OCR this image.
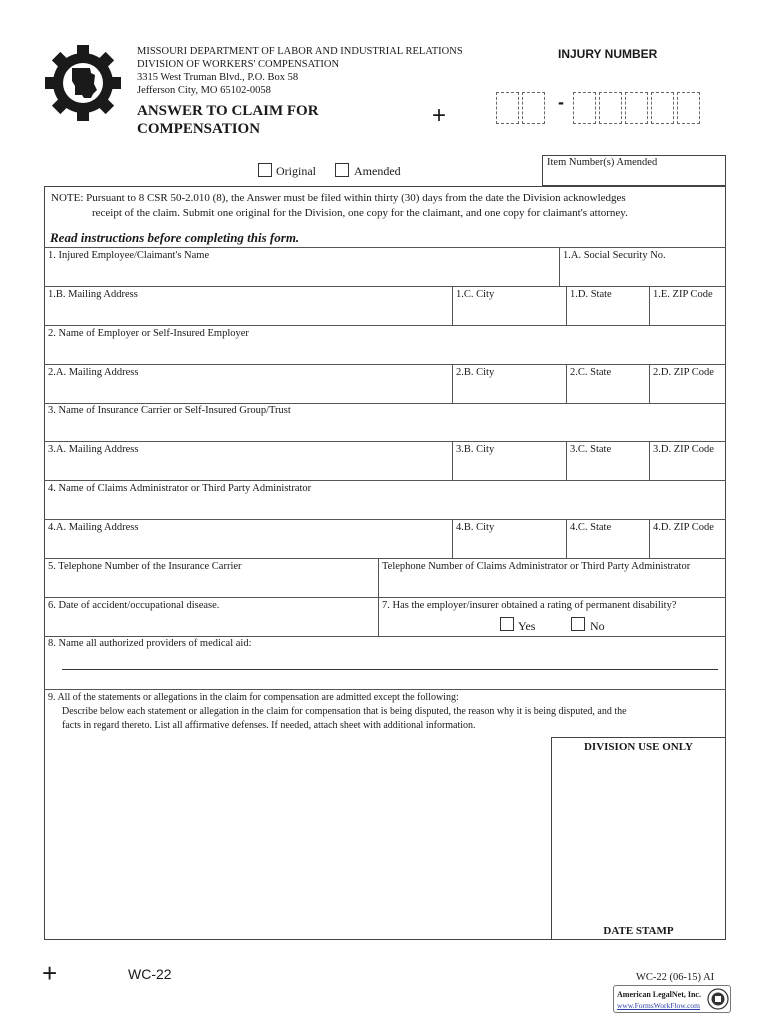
MISSOURI DEPARTMENT OF LABOR AND INDUSTRIAL RELATIONS
DIVISION OF WORKERS' COMPENSATION
3315 West Truman Blvd., P.O. Box 58
Jefferson City, MO 65102-0058
ANSWER TO CLAIM FOR
COMPENSATION	+
INJURY NUMBER
-
Original	Amended
Item Number(s) Amended
NOTE: Pursuant to 8 CSR 50-2.010 (8), the Answer must be filed within thirty (30) days from the date the Division acknowledges
receipt of the claim. Submit one original for the Division, one copy for the claimant, and one copy for claimant's attorney.
Read instructions before completing this form.
1. Injured Employee/Claimant's Name	1.A. Social Security No.
1.B. Mailing Address	1.C. City	1.D. State	1.E. ZIP Code
2. Name of Employer or Self-Insured Employer
2.A. Mailing Address	2.B. City	2.C. State	2.D. ZIP Code
3. Name of Insurance Carrier or Self-Insured Group/Trust
3.A. Mailing Address	3.B. City	3.C. State	3.D. ZIP Code
4. Name of Claims Administrator or Third Party Administrator
4.A. Mailing Address	4.B. City	4.C. State	4.D. ZIP Code
5. Telephone Number of the Insurance Carrier	Telephone Number of Claims Administrator or Third Party Administrator
6. Date of accident/occupational disease.	7. Has the employer/insurer obtained a rating of permanent disability?
Yes	No
8. Name all authorized providers of medical aid:
9. All of the statements or allegations in the claim for compensation are admitted except the following:
Describe below each statement or allegation in the claim for compensation that is being disputed, the reason why it is being disputed, and the
facts in regard thereto. List all affirmative defenses. If needed, attach sheet with additional information.
DIVISION USE ONLY
DATE STAMP
+	WC-22	WC-22 (06-15) AI
American LegalNet, Inc.
www.FormsWorkFlow.com
